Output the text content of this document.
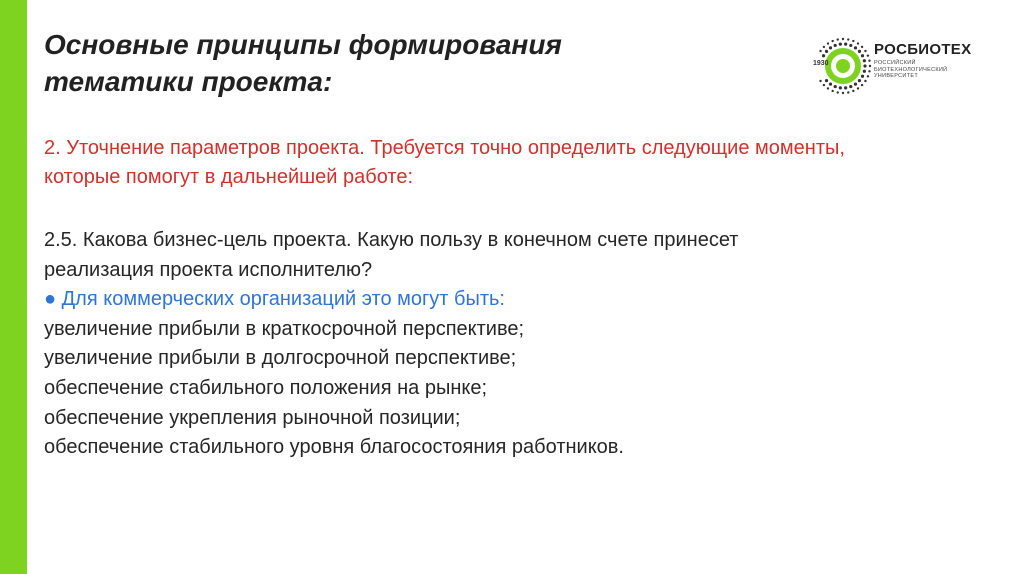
Основные принципы формирования
тематики проекта:
1930
РОСБИОТЕХ
РОССИЙСКИЙ
БИОТЕХНОЛОГИЧЕСКИЙ
УНИВЕРСИТЕТ
2. Уточнение параметров проекта. Требуется точно определить следующие моменты,
которые помогут в дальнейшей работе:
2.5. Какова бизнес-цель проекта. Какую пользу в конечном счете принесет
реализация проекта исполнителю?
● Для коммерческих организаций это могут быть:
увеличение прибыли в краткосрочной перспективе;
увеличение прибыли в долгосрочной перспективе;
обеспечение стабильного положения на рынке;
обеспечение укрепления рыночной позиции;
обеспечение стабильного уровня благосостояния работников.
